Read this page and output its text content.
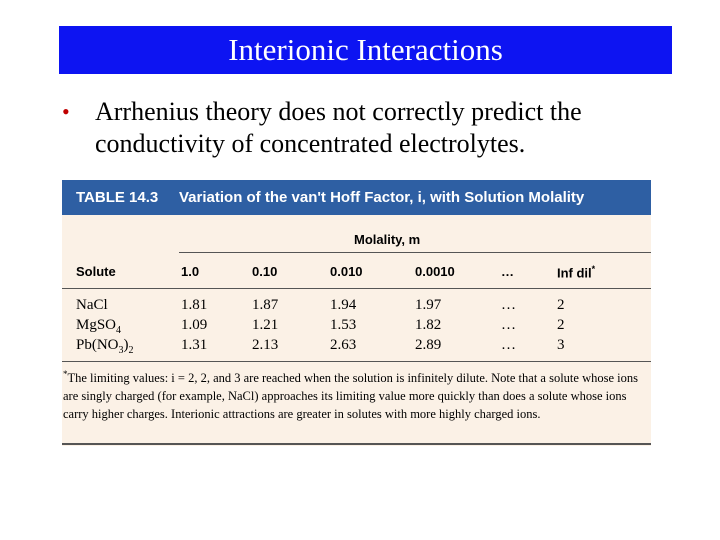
Interionic Interactions
• Arrhenius theory does not correctly predict the conductivity of concentrated electrolytes.
TABLE 14.3 Variation of the van't Hoff Factor, i, with Solution Molality
Molality, m
Solute	1.0	0.10	0.010	0.0010	…	Inf dil*
NaCl	1.81	1.87	1.94	1.97	…	2
MgSO$_4$	1.09	1.21	1.53	1.82	…	2
$Pb(NO_3)_2$	1.31	2.13	2.63	2.89	…	3
*The limiting values: i = 2, 2, and 3 are reached when the solution is infinitely dilute. Note that a solute whose ions are singly charged (for example, NaCl) approaches its limiting value more quickly than does a solute whose ions carry higher charges. Interionic attractions are greater in solutes with more highly charged ions.
